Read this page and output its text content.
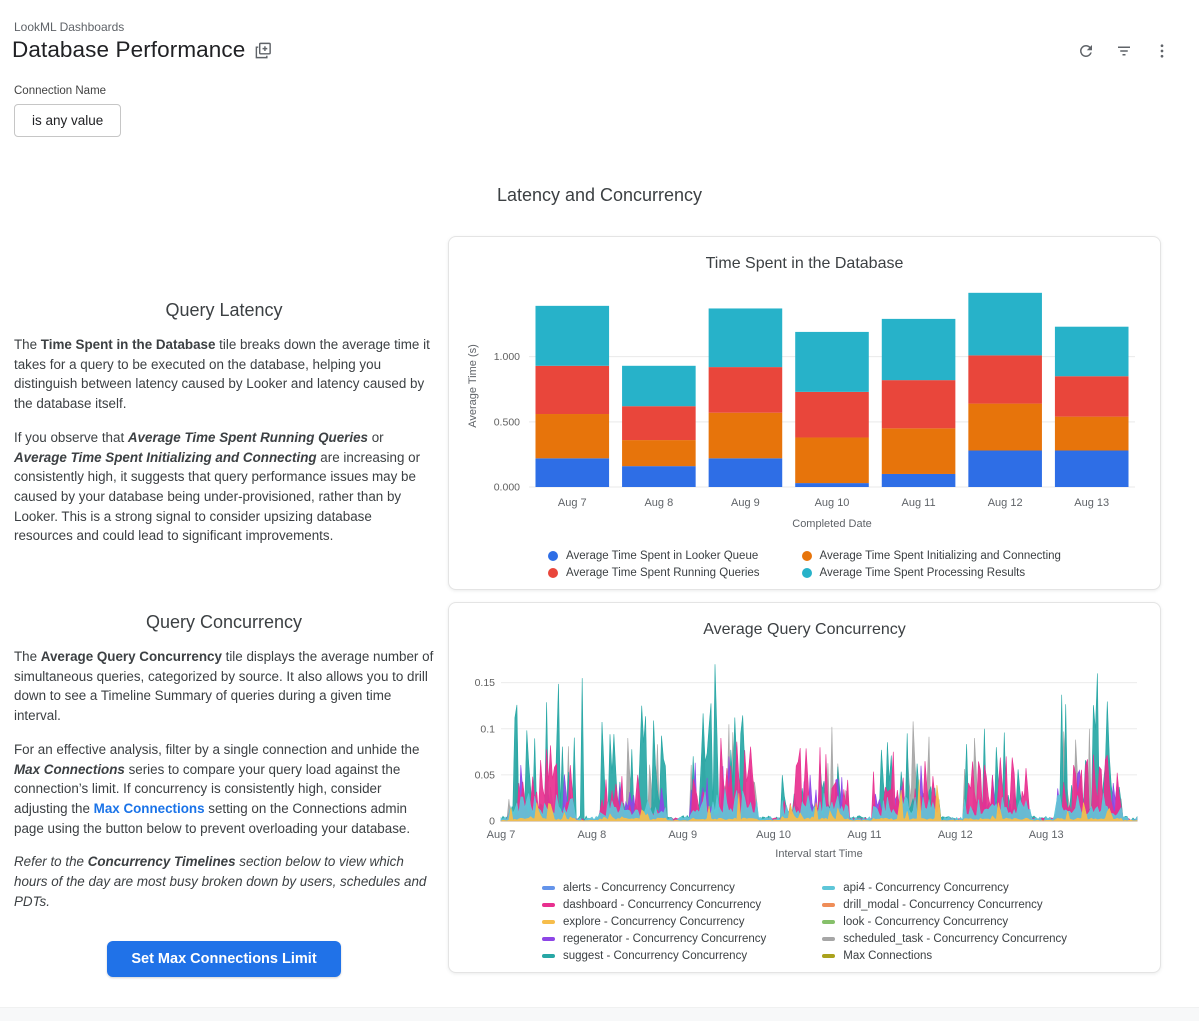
LookML Dashboards
Database Performance
Connection Name
is any value
Latency and Concurrency
Query Latency

The Time Spent in the Database tile breaks down the average time it takes for a query to be executed on the database, helping you distinguish between latency caused by Looker and latency caused by the database itself.

If you observe that Average Time Spent Running Queries or Average Time Spent Initializing and Connecting are increasing or consistently high, it suggests that query performance issues may be caused by your database being under-provisioned, rather than by Looker. This is a strong signal to consider upsizing database resources and could lead to significant improvements.

Query Concurrency

The Average Query Concurrency tile displays the average number of simultaneous queries, categorized by source. It also allows you to drill down to see a Timeline Summary of queries during a given time interval.

For an effective analysis, filter by a single connection and unhide the Max Connections series to compare your query load against the connection’s limit. If concurrency is consistently high, consider adjusting the Max Connections setting on the Connections admin page using the button below to prevent overloading your database.

Refer to the Concurrency Timelines section below to view which hours of the day are most busy broken down by users, schedules and PDTs.

Set Max Connections Limit
Time Spent in the Database
0.000
0.500
1.000
Aug 7	Aug 8	Aug 9	Aug 10	Aug 11	Aug 12	Aug 13
Completed Date
Average Time (s)
Average Time Spent in Looker Queue	Average Time Spent Initializing and Connecting
Average Time Spent Running Queries	Average Time Spent Processing Results
Average Query Concurrency
0
0.05
0.1
0.15
Aug 7	Aug 8	Aug 9	Aug 10	Aug 11	Aug 12	Aug 13
Interval start Time
alerts - Concurrency Concurrency	api4 - Concurrency Concurrency
dashboard - Concurrency Concurrency	drill_modal - Concurrency Concurrency
explore - Concurrency Concurrency	look - Concurrency Concurrency
regenerator - Concurrency Concurrency	scheduled_task - Concurrency Concurrency
suggest - Concurrency Concurrency	Max Connections
